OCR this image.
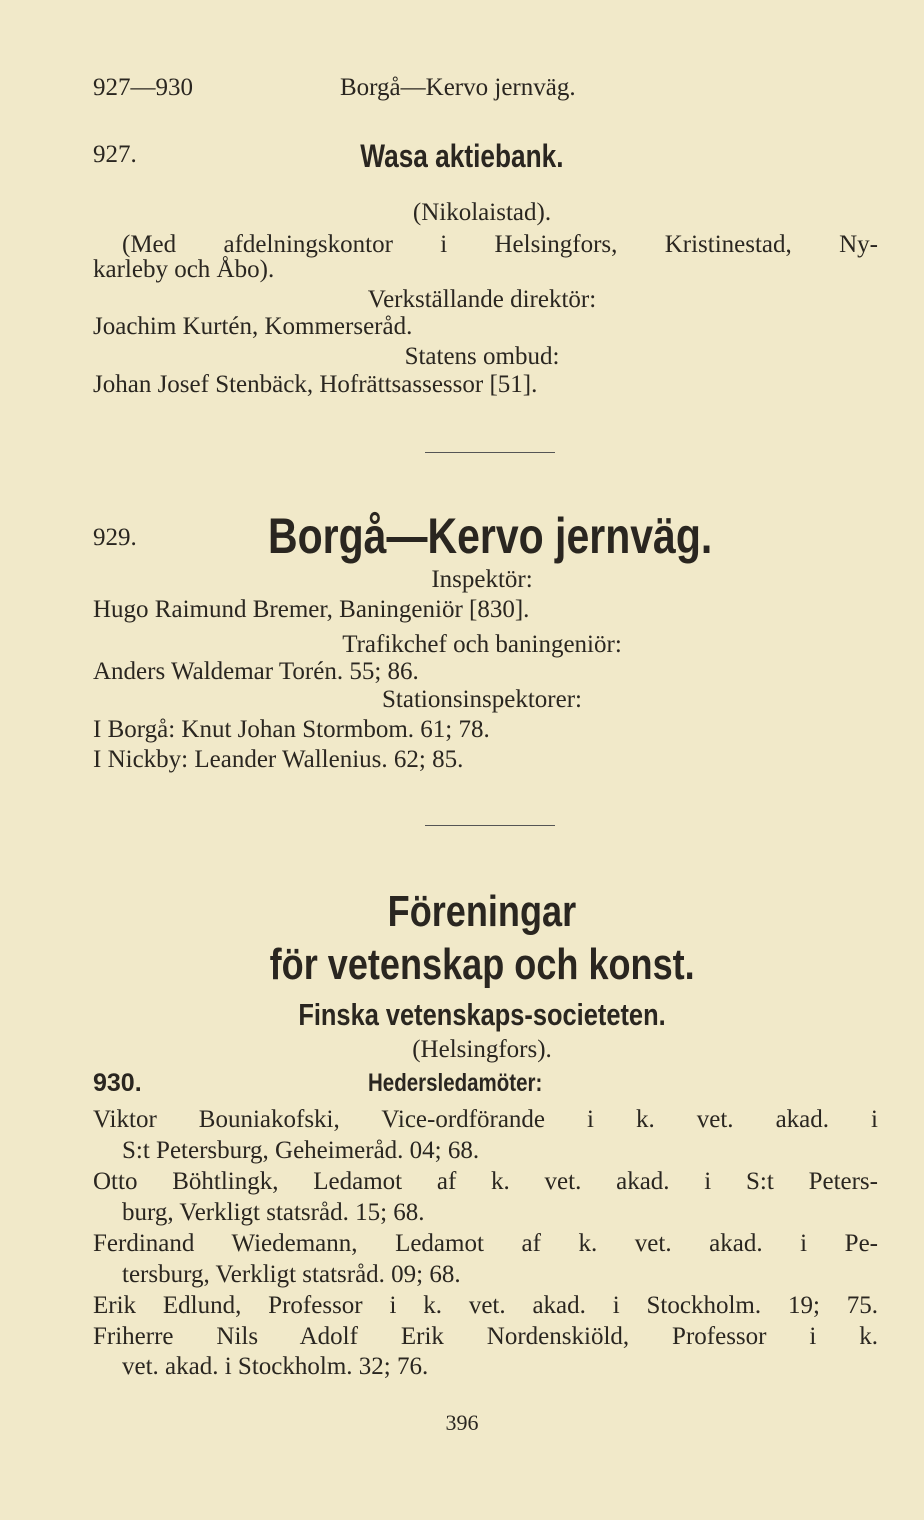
927—930	Borgå—Kervo jernväg.
927.	Wasa aktiebank.
(Nikolaistad).
(Med afdelningskontor i Helsingfors, Kristinestad, Ny-
karleby och Åbo).
Verkställande direktör:
Joachim Kurtén, Kommerseråd.
Statens ombud:
Johan Josef Stenbäck, Hofrättsassessor [51].
929.	Borgå—Kervo jernväg.
Inspektör:
Hugo Raimund Bremer, Baningeniör [830].
Trafikchef och baningeniör:
Anders Waldemar Torén. 55; 86.
Stationsinspektorer:
I Borgå: Knut Johan Stormbom. 61; 78.
I Nickby: Leander Wallenius. 62; 85.
Föreningar
för vetenskap och konst.
Finska vetenskaps-societeten.
(Helsingfors).
930.	Hedersledamöter:
Viktor Bouniakofski, Vice-ordförande i k. vet. akad. i
S:t Petersburg, Geheimeråd. 04; 68.
Otto Böhtlingk, Ledamot af k. vet. akad. i S:t Peters-
burg, Verkligt statsråd. 15; 68.
Ferdinand Wiedemann, Ledamot af k. vet. akad. i Pe-
tersburg, Verkligt statsråd. 09; 68.
Erik Edlund, Professor i k. vet. akad. i Stockholm. 19; 75.
Friherre Nils Adolf Erik Nordenskiöld, Professor i k.
vet. akad. i Stockholm. 32; 76.
396
